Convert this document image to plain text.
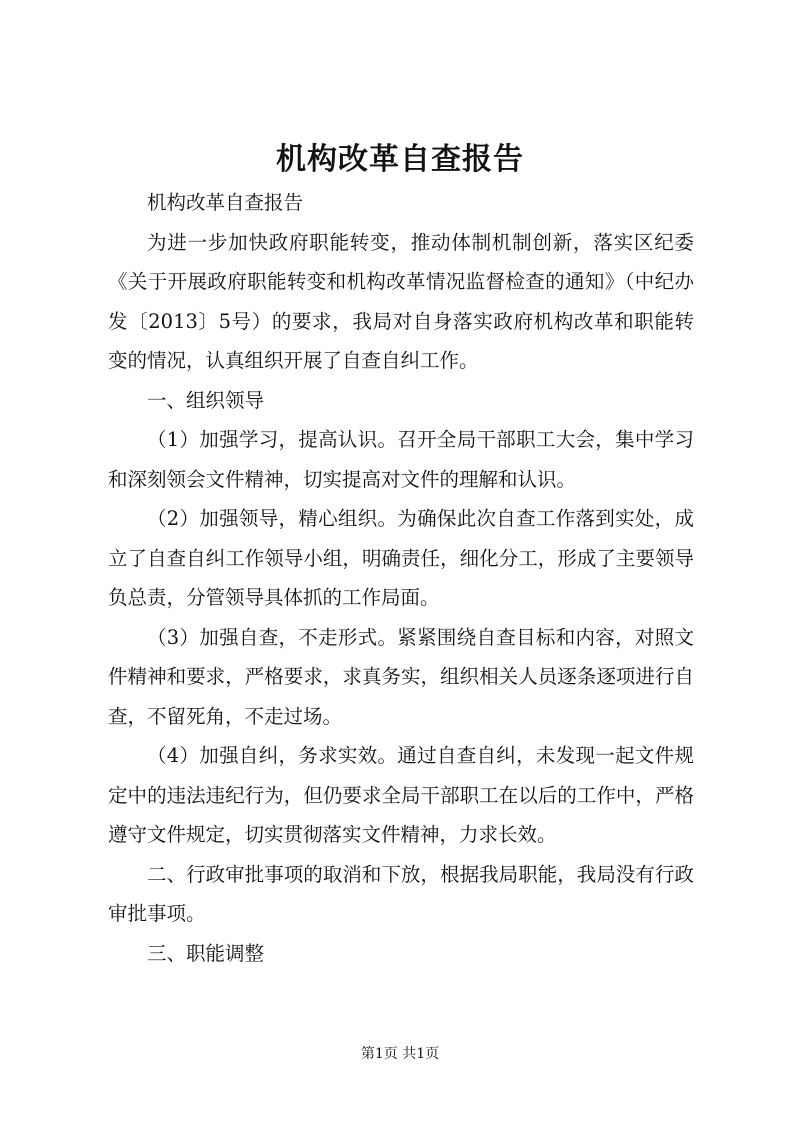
机构改革自查报告

机构改革自查报告

为进一步加快政府职能转变，推动体制机制创新，落实区纪委《关于开展政府职能转变和机构改革情况监督检查的通知》（中纪办发〔2013〕5号）的要求，我局对自身落实政府机构改革和职能转变的情况，认真组织开展了自查自纠工作。

一、组织领导

（1）加强学习，提高认识。召开全局干部职工大会，集中学习和深刻领会文件精神，切实提高对文件的理解和认识。

（2）加强领导，精心组织。为确保此次自查工作落到实处，成立了自查自纠工作领导小组，明确责任，细化分工，形成了主要领导负总责，分管领导具体抓的工作局面。

（3）加强自查，不走形式。紧紧围绕自查目标和内容，对照文件精神和要求，严格要求，求真务实，组织相关人员逐条逐项进行自查，不留死角，不走过场。

（4）加强自纠，务求实效。通过自查自纠，未发现一起文件规定中的违法违纪行为，但仍要求全局干部职工在以后的工作中，严格遵守文件规定，切实贯彻落实文件精神，力求长效。

二、行政审批事项的取消和下放，根据我局职能，我局没有行政审批事项。

三、职能调整

第1页 共1页
